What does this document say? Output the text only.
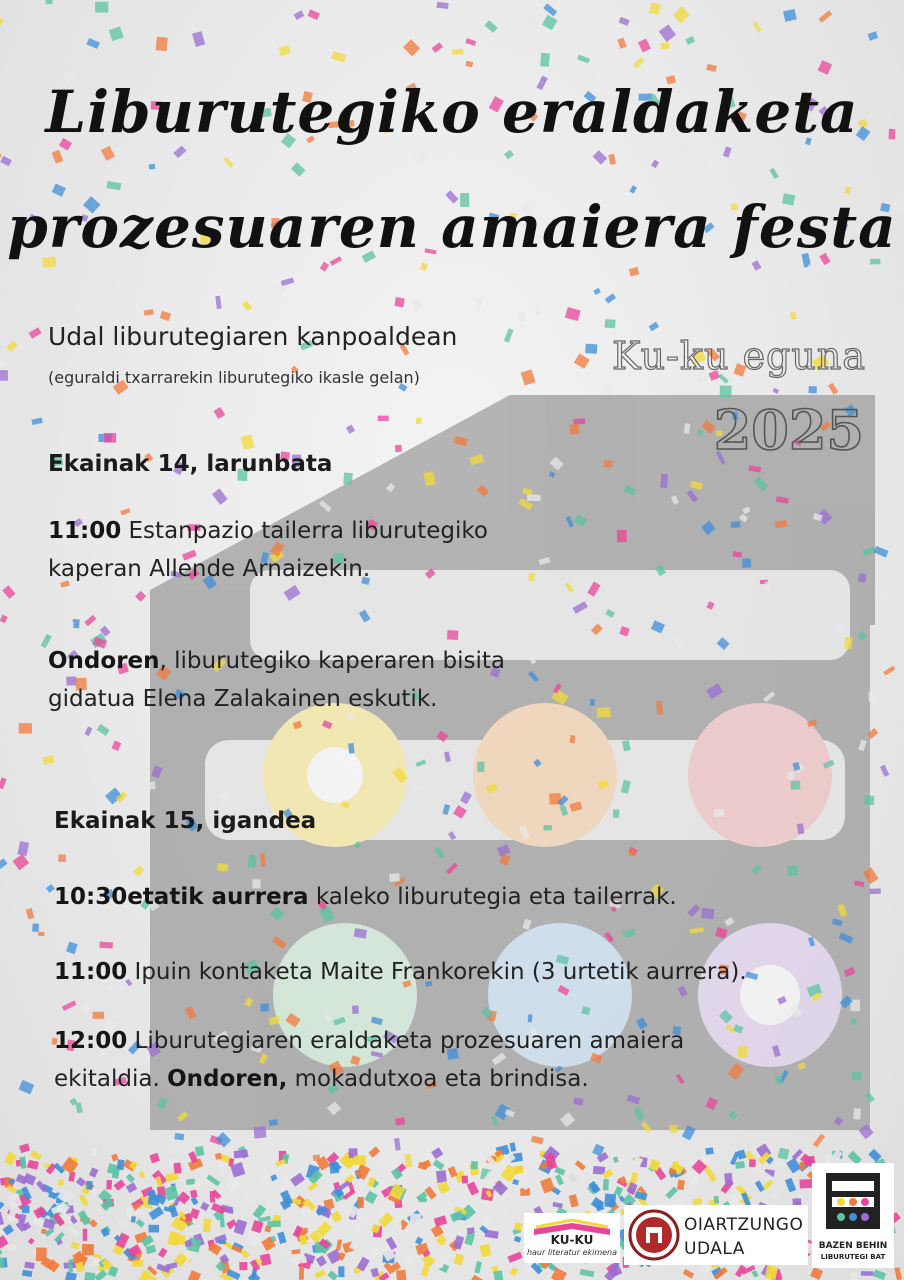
Liburutegiko eraldaketa
prozesuaren amaiera festa
Udal liburutegiaren kanpoaldean
(eguraldi txarrarekin liburutegiko ikasle gelan)	Ku-ku eguna
2025
Ekainak 14, larunbata
11:00 Estanpazio tailerra liburutegiko
kaperan Allende Arnaizekin.
Ondoren, liburutegiko kaperaren bisita
gidatua Elena Zalakainen eskutik.
Ekainak 15, igandea
10:30etatik aurrera kaleko liburutegia eta tailerrak.
11:00 Ipuin kontaketa Maite Frankorekin (3 urtetik aurrera).
12:00 Liburutegiaren eraldaketa prozesuaren amaiera
ekitaldia. Ondoren, mokadutxoa eta brindisa.
KU-KU
haur literatur ekimena
OIARTZUNGO
UDALA	BAZEN BEHIN
LIBURUTEGI BAT
